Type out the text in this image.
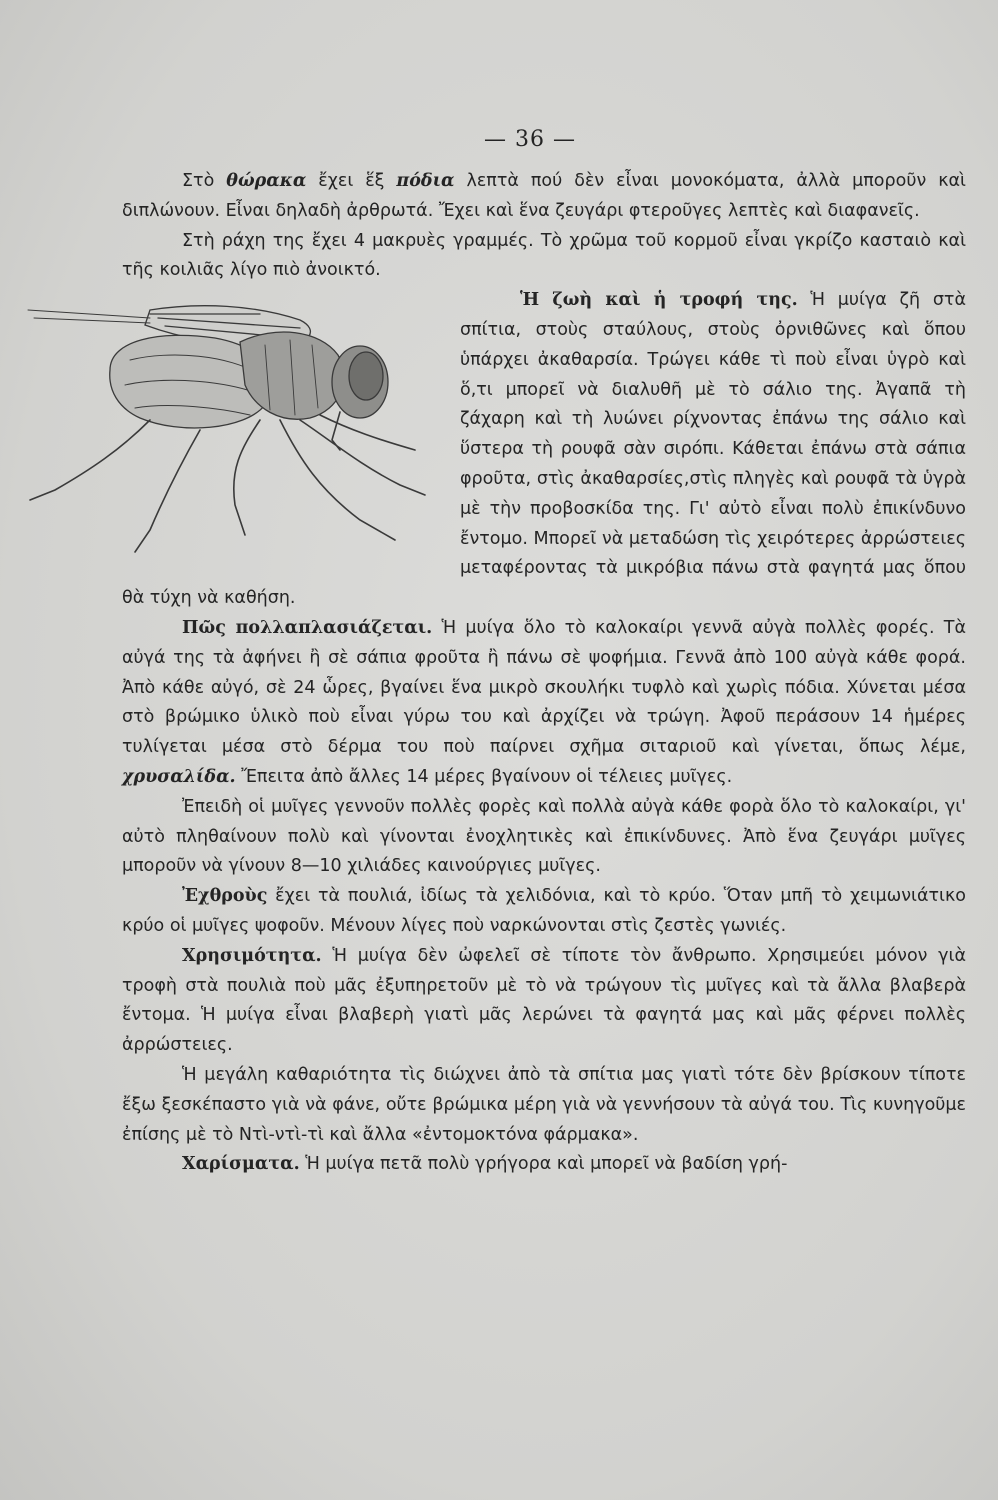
— 36 —

Στὸ θώρακα ἔχει ἕξ πόδια λεπτὰ πού δὲν εἶναι μονοκόματα, ἀλλὰ μποροῦν καὶ διπλώνουν. Εἶναι δηλαδὴ ἀρθρωτά. Ἔχει καὶ ἕνα ζευγάρι φτεροῦγες λεπτὲς καὶ διαφανεῖς.

Στὴ ράχη της ἔχει 4 μακρυὲς γραμμές. Τὸ χρῶμα τοῦ κορμοῦ εἶναι γκρίζο κασταιὸ καὶ τῆς κοιλιᾶς λίγο πιὸ ἀνοικτό.

Ἡ ζωὴ καὶ ἡ τροφή της. Ἡ μυίγα ζῆ στὰ σπίτια, στοὺς σταύλους, στοὺς ὀρνιθῶνες καὶ ὅπου ὑπάρχει ἀκαθαρσία. Τρώγει κάθε τὶ ποὺ εἶναι ὑγρὸ καὶ ὅ,τι μπορεῖ νὰ διαλυθῆ μὲ τὸ σάλιο της. Ἀγαπᾶ τὴ ζάχαρη καὶ τὴ λυώνει ρίχνοντας ἐπάνω της σάλιο καὶ ὕστερα τὴ ρουφᾶ σὰν σιρόπι. Κάθεται ἐπάνω στὰ σάπια φροῦτα, στὶς ἀκαθαρσίες,στὶς πληγὲς καὶ ρουφᾶ τὰ ὑγρὰ μὲ τὴν προβοσκίδα της. Γι' αὐτὸ εἶναι πολὺ ἐπικίνδυνο ἔντομο. Μπορεῖ νὰ μεταδώση τὶς χειρότερες ἀρρώστειες μεταφέροντας τὰ μικρόβια πάνω στὰ φαγητά μας ὅπου θὰ τύχη νὰ καθήση.

Πῶς πολλαπλασιάζεται. Ἡ μυίγα ὅλο τὸ καλοκαίρι γεννᾶ αὐγὰ πολλὲς φορές. Τὰ αὐγά της τὰ ἀφήνει ἢ σὲ σάπια φροῦτα ἢ πάνω σὲ ψοφήμια. Γεννᾶ ἀπὸ 100 αὐγὰ κάθε φορά. Ἀπὸ κάθε αὐγό, σὲ 24 ὧρες, βγαίνει ἕνα μικρὸ σκουλήκι τυφλὸ καὶ χωρὶς πόδια. Χύνεται μέσα στὸ βρώμικο ὑλικὸ ποὺ εἶναι γύρω του καὶ ἀρχίζει νὰ τρώγη. Ἀφοῦ περάσουν 14 ἡμέρες τυλίγεται μέσα στὸ δέρμα του ποὺ παίρνει σχῆμα σιταριοῦ καὶ γίνεται, ὅπως λέμε, χρυσαλίδα. Ἔπειτα ἀπὸ ἄλλες 14 μέρες βγαίνουν οἱ τέλειες μυῖγες.

Ἐπειδὴ οἱ μυῖγες γεννοῦν πολλὲς φορὲς καὶ πολλὰ αὐγὰ κάθε φορὰ ὅλο τὸ καλοκαίρι, γι' αὐτὸ πληθαίνουν πολὺ καὶ γίνονται ἐνοχλητικὲς καὶ ἐπικίνδυνες. Ἀπὸ ἕνα ζευγάρι μυῖγες μποροῦν νὰ γίνουν 8—10 χιλιάδες καινούργιες μυῖγες.

Ἐχθροὺς ἔχει τὰ πουλιά, ἰδίως τὰ χελιδόνια, καὶ τὸ κρύο. Ὅταν μπῆ τὸ χειμωνιάτικο κρύο οἱ μυῖγες ψοφοῦν. Μένουν λίγες ποὺ ναρκώνονται στὶς ζεστὲς γωνιές.

Χρησιμότητα. Ἡ μυίγα δὲν ὠφελεῖ σὲ τίποτε τὸν ἄνθρωπο. Χρησιμεύει μόνον γιὰ τροφὴ στὰ πουλιὰ ποὺ μᾶς ἐξυπηρετοῦν μὲ τὸ νὰ τρώγουν τὶς μυῖγες καὶ τὰ ἄλλα βλαβερὰ ἔντομα. Ἡ μυίγα εἶναι βλαβερὴ γιατὶ μᾶς λερώνει τὰ φαγητά μας καὶ μᾶς φέρνει πολλὲς ἀρρώστειες.

Ἡ μεγάλη καθαριότητα τὶς διώχνει ἀπὸ τὰ σπίτια μας γιατὶ τότε δὲν βρίσκουν τίποτε ἔξω ξεσκέπαστο γιὰ νὰ φάνε, οὔτε βρώμικα μέρη γιὰ νὰ γεννήσουν τὰ αὐγά του. Τὶς κυνηγοῦμε ἐπίσης μὲ τὸ Ντὶ-ντὶ-τὶ καὶ ἄλλα «ἐντομοκτόνα φάρμακα».

Χαρίσματα. Ἡ μυίγα πετᾶ πολὺ γρήγορα καὶ μπορεῖ νὰ βαδίση γρή-
